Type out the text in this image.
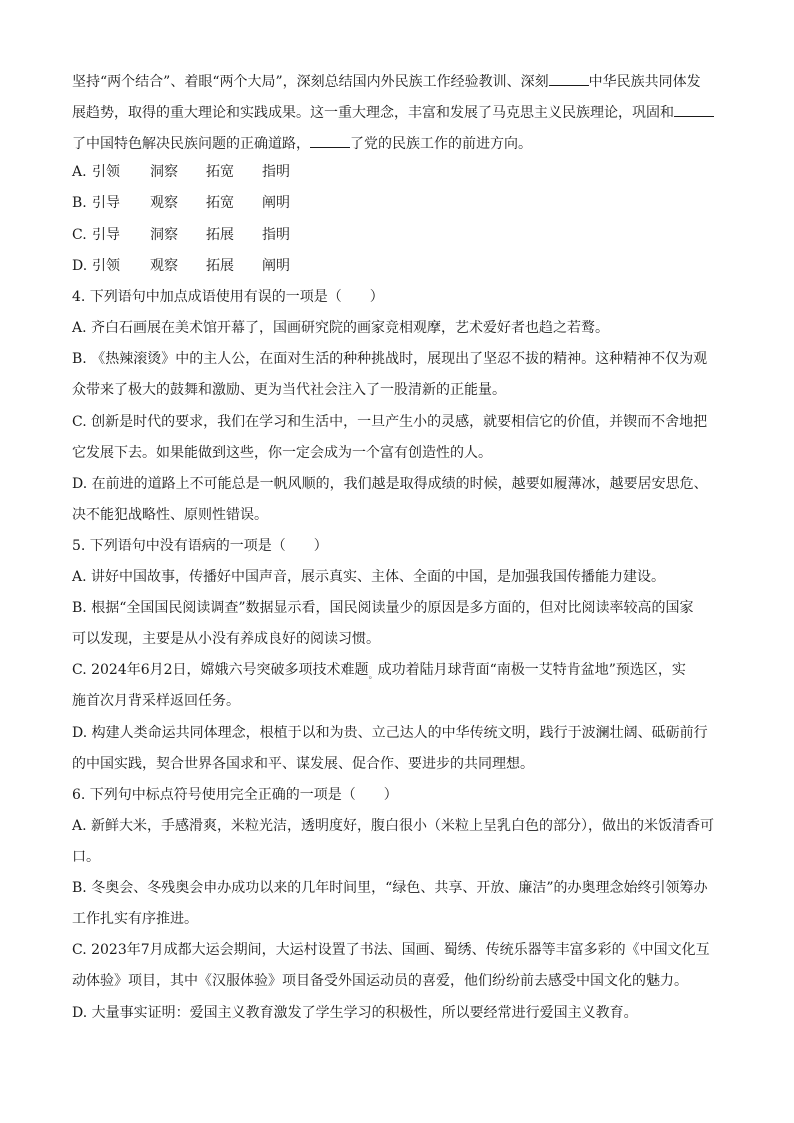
坚持“两个结合”、着眼“两个大局”，深刻总结国内外民族工作经验教训、深刻	中华民族共同体发
展趋势，取得的重大理论和实践成果。这一重大理念，丰富和发展了马克思主义民族理论，巩固和
了中国特色解决民族问题的正确道路，	了党的民族工作的前进方向。
A. 引领 洞察 拓宽 指明
B. 引导 观察 拓宽 阐明
C. 引导 洞察 拓展 指明
D. 引领 观察 拓展 阐明
4. 下列语句中加点成语使用有误的一项是（　　）
A. 齐白石画展在美术馆开幕了，国画研究院的画家竞相观摩，艺术爱好者也趋之若鹜。
B. 《热辣滚烫》中的主人公，在面对生活的种种挑战时，展现出了坚忍不拔的精神。这种精神不仅为观
众带来了极大的鼓舞和激励、更为当代社会注入了一股清新的正能量。
C. 创新是时代的要求，我们在学习和生活中，一旦产生小的灵感，就要相信它的价值，并锲而不舍地把
它发展下去。如果能做到这些，你一定会成为一个富有创造性的人。
D. 在前进的道路上不可能总是一帆风顺的，我们越是取得成绩的时候，越要如履薄冰，越要居安思危、
决不能犯战略性、原则性错误。
5. 下列语句中没有语病的一项是（　　）
A. 讲好中国故事，传播好中国声音，展示真实、主体、全面的中国，是加强我国传播能力建设。
B. 根据“全国国民阅读调查”数据显示看，国民阅读量少的原因是多方面的，但对比阅读率较高的国家
可以发现，主要是从小没有养成良好的阅读习惯。
C. 2024年6月2日，嫦娥六号突破多项技术难题$_。$成功着陆月球背面“南极一艾特肯盆地”预选区，实
施首次月背采样返回任务。
D. 构建人类命运共同体理念，根植于以和为贵、立己达人的中华传统文明，践行于波澜壮阔、砥砺前行
的中国实践，契合世界各国求和平、谋发展、促合作、要进步的共同理想。
6. 下列句中标点符号使用完全正确的一项是（　　）
A. 新鲜大米，手感滑爽，米粒光洁，透明度好，腹白很小（米粒上呈乳白色的部分），做出的米饭清香可
口。
B. 冬奥会、冬残奥会申办成功以来的几年时间里，“绿色、共享、开放、廉洁”的办奥理念始终引领筹办
工作扎实有序推进。
C. 2023年7月成都大运会期间，大运村设置了书法、国画、蜀绣、传统乐器等丰富多彩的《中国文化互
动体验》项目，其中《汉服体验》项目备受外国运动员的喜爱，他们纷纷前去感受中国文化的魅力。
D. 大量事实证明：爱国主义教育激发了学生学习的积极性，所以要经常进行爱国主义教育。
